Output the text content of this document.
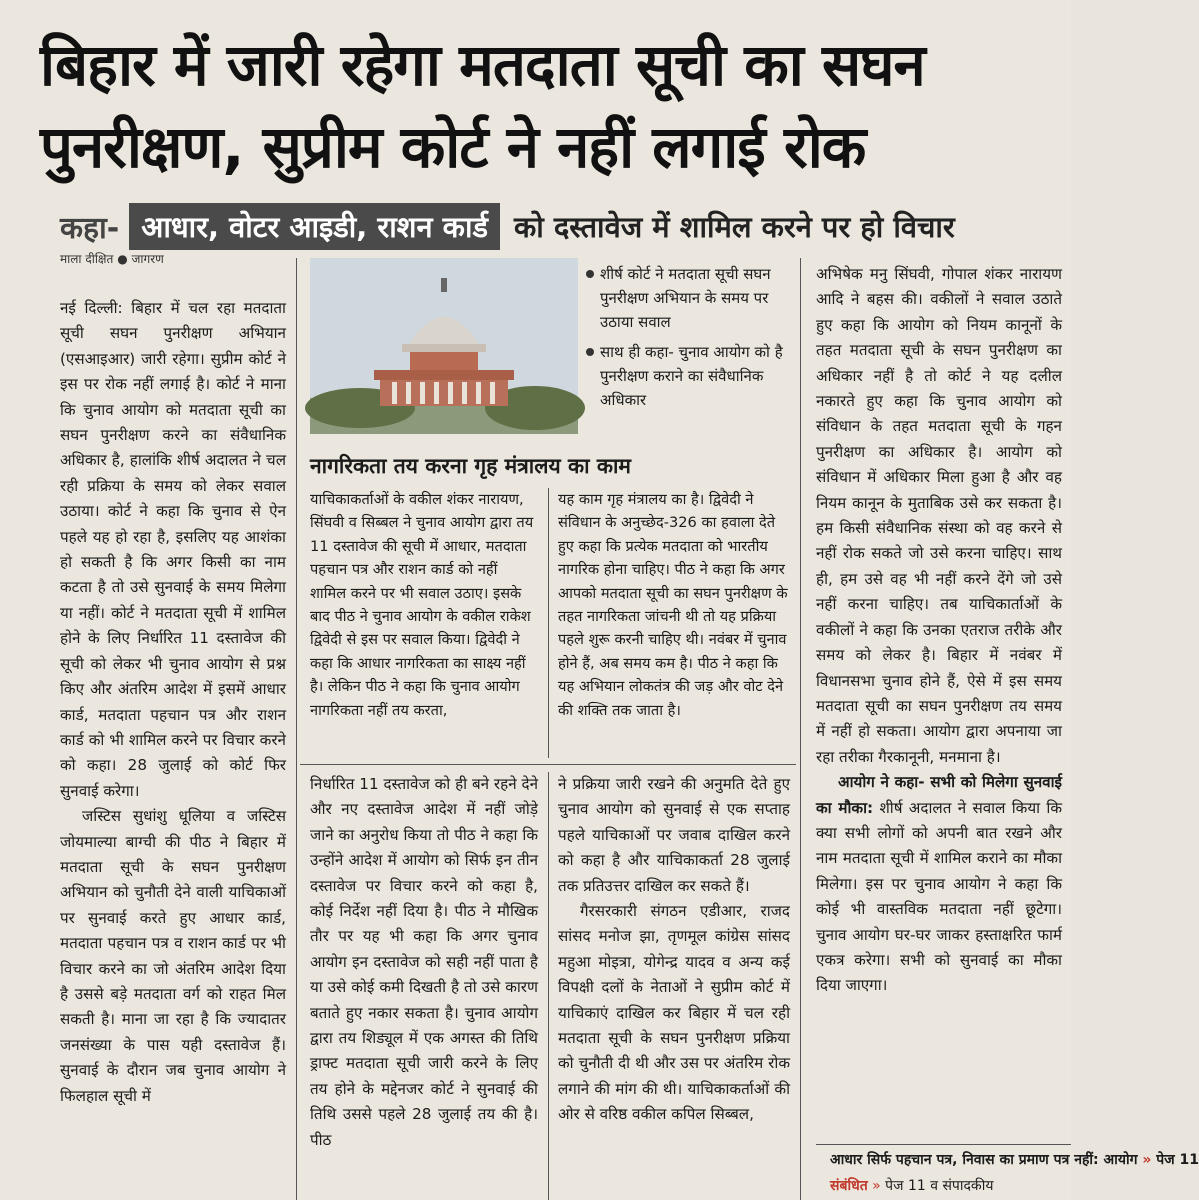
बिहार में जारी रहेगा मतदाता सूची का सघन
पुनरीक्षण, सुप्रीम कोर्ट ने नहीं लगाई रोक
कहा- आधार, वोटर आइडी, राशन कार्ड को दस्तावेज में शामिल करने पर हो विचार
माला दीक्षित ● जागरण
नई दिल्ली: बिहार में चल रहा मतदाता सूची सघन पुनरीक्षण अभियान (एसआइआर) जारी रहेगा। सुप्रीम कोर्ट ने इस पर रोक नहीं लगाई है। कोर्ट ने माना कि चुनाव आयोग को मतदाता सूची का सघन पुनरीक्षण करने का संवैधानिक अधिकार है, हालांकि शीर्ष अदालत ने चल रही प्रक्रिया के समय को लेकर सवाल उठाया। कोर्ट ने कहा कि चुनाव से ऐन पहले यह हो रहा है, इसलिए यह आशंका हो सकती है कि अगर किसी का नाम कटता है तो उसे सुनवाई के समय मिलेगा या नहीं। कोर्ट ने मतदाता सूची में शामिल होने के लिए निर्धारित 11 दस्तावेज की सूची को लेकर भी चुनाव आयोग से प्रश्न किए और अंतरिम आदेश में इसमें आधार कार्ड, मतदाता पहचान पत्र और राशन कार्ड को भी शामिल करने पर विचार करने को कहा। 28 जुलाई को कोर्ट फिर सुनवाई करेगा।
जस्टिस सुधांशु धूलिया व जस्टिस जोयमाल्या बाग्ची की पीठ ने बिहार में मतदाता सूची के सघन पुनरीक्षण अभियान को चुनौती देने वाली याचिकाओं पर सुनवाई करते हुए आधार कार्ड, मतदाता पहचान पत्र व राशन कार्ड पर भी विचार करने का जो अंतरिम आदेश दिया है उससे बड़े मतदाता वर्ग को राहत मिल सकती है। माना जा रहा है कि ज्यादातर जनसंख्या के पास यही दस्तावेज हैं। सुनवाई के दौरान जब चुनाव आयोग ने फिलहाल सूची में
शीर्ष कोर्ट ने मतदाता सूची सघन पुनरीक्षण अभियान के समय पर उठाया सवाल
साथ ही कहा- चुनाव आयोग को है पुनरीक्षण कराने का संवैधानिक अधिकार
नागरिकता तय करना गृह मंत्रालय का काम
याचिकाकर्ताओं के वकील शंकर नारायण, सिंघवी व सिब्बल ने चुनाव आयोग द्वारा तय 11 दस्तावेज की सूची में आधार, मतदाता पहचान पत्र और राशन कार्ड को नहीं शामिल करने पर भी सवाल उठाए। इसके बाद पीठ ने चुनाव आयोग के वकील राकेश द्विवेदी से इस पर सवाल किया। द्विवेदी ने कहा कि आधार नागरिकता का साक्ष्य नहीं है। लेकिन पीठ ने कहा कि चुनाव आयोग नागरिकता नहीं तय करता,
यह काम गृह मंत्रालय का है। द्विवेदी ने संविधान के अनुच्छेद-326 का हवाला देते हुए कहा कि प्रत्येक मतदाता को भारतीय नागरिक होना चाहिए। पीठ ने कहा कि अगर आपको मतदाता सूची का सघन पुनरीक्षण के तहत नागरिकता जांचनी थी तो यह प्रक्रिया पहले शुरू करनी चाहिए थी। नवंबर में चुनाव होने हैं, अब समय कम है। पीठ ने कहा कि यह अभियान लोकतंत्र की जड़ और वोट देने की शक्ति तक जाता है।
निर्धारित 11 दस्तावेज को ही बने रहने देने और नए दस्तावेज आदेश में नहीं जोड़े जाने का अनुरोध किया तो पीठ ने कहा कि उन्होंने आदेश में आयोग को सिर्फ इन तीन दस्तावेज पर विचार करने को कहा है, कोई निर्देश नहीं दिया है। पीठ ने मौखिक तौर पर यह भी कहा कि अगर चुनाव आयोग इन दस्तावेज को सही नहीं पाता है या उसे कोई कमी दिखती है तो उसे कारण बताते हुए नकार सकता है। चुनाव आयोग द्वारा तय शिड्यूल में एक अगस्त की तिथि ड्राफ्ट मतदाता सूची जारी करने के लिए तय होने के मद्देनजर कोर्ट ने सुनवाई की तिथि उससे पहले 28 जुलाई तय की है। पीठ
ने प्रक्रिया जारी रखने की अनुमति देते हुए चुनाव आयोग को सुनवाई से एक सप्ताह पहले याचिकाओं पर जवाब दाखिल करने को कहा है और याचिकाकर्ता 28 जुलाई तक प्रतिउत्तर दाखिल कर सकते हैं।
गैरसरकारी संगठन एडीआर, राजद सांसद मनोज झा, तृणमूल कांग्रेस सांसद महुआ मोइत्रा, योगेन्द्र यादव व अन्य कई विपक्षी दलों के नेताओं ने सुप्रीम कोर्ट में याचिकाएं दाखिल कर बिहार में चल रही मतदाता सूची के सघन पुनरीक्षण प्रक्रिया को चुनौती दी थी और उस पर अंतरिम रोक लगाने की मांग की थी। याचिकाकर्ताओं की ओर से वरिष्ठ वकील कपिल सिब्बल,
अभिषेक मनु सिंघवी, गोपाल शंकर नारायण आदि ने बहस की। वकीलों ने सवाल उठाते हुए कहा कि आयोग को नियम कानूनों के तहत मतदाता सूची के सघन पुनरीक्षण का अधिकार नहीं है तो कोर्ट ने यह दलील नकारते हुए कहा कि चुनाव आयोग को संविधान के तहत मतदाता सूची के गहन पुनरीक्षण का अधिकार है। आयोग को संविधान में अधिकार मिला हुआ है और वह नियम कानून के मुताबिक उसे कर सकता है। हम किसी संवैधानिक संस्था को वह करने से नहीं रोक सकते जो उसे करना चाहिए। साथ ही, हम उसे वह भी नहीं करने देंगे जो उसे नहीं करना चाहिए। तब याचिकार्ताओं के वकीलों ने कहा कि उनका एतराज तरीके और समय को लेकर है। बिहार में नवंबर में विधानसभा चुनाव होने हैं, ऐसे में इस समय मतदाता सूची का सघन पुनरीक्षण तय समय में नहीं हो सकता। आयोग द्वारा अपनाया जा रहा तरीका गैरकानूनी, मनमाना है।
आयोग ने कहा- सभी को मिलेगा सुनवाई का मौका: शीर्ष अदालत ने सवाल किया कि क्या सभी लोगों को अपनी बात रखने और नाम मतदाता सूची में शामिल कराने का मौका मिलेगा। इस पर चुनाव आयोग ने कहा कि कोई भी वास्तविक मतदाता नहीं छूटेगा। चुनाव आयोग घर-घर जाकर हस्ताक्षरित फार्म एकत्र करेगा। सभी को सुनवाई का मौका दिया जाएगा।
आधार सिर्फ पहचान पत्र, निवास का प्रमाण पत्र नहीं: आयोग » पेज 11
संबंधित » पेज 11 व संपादकीय
